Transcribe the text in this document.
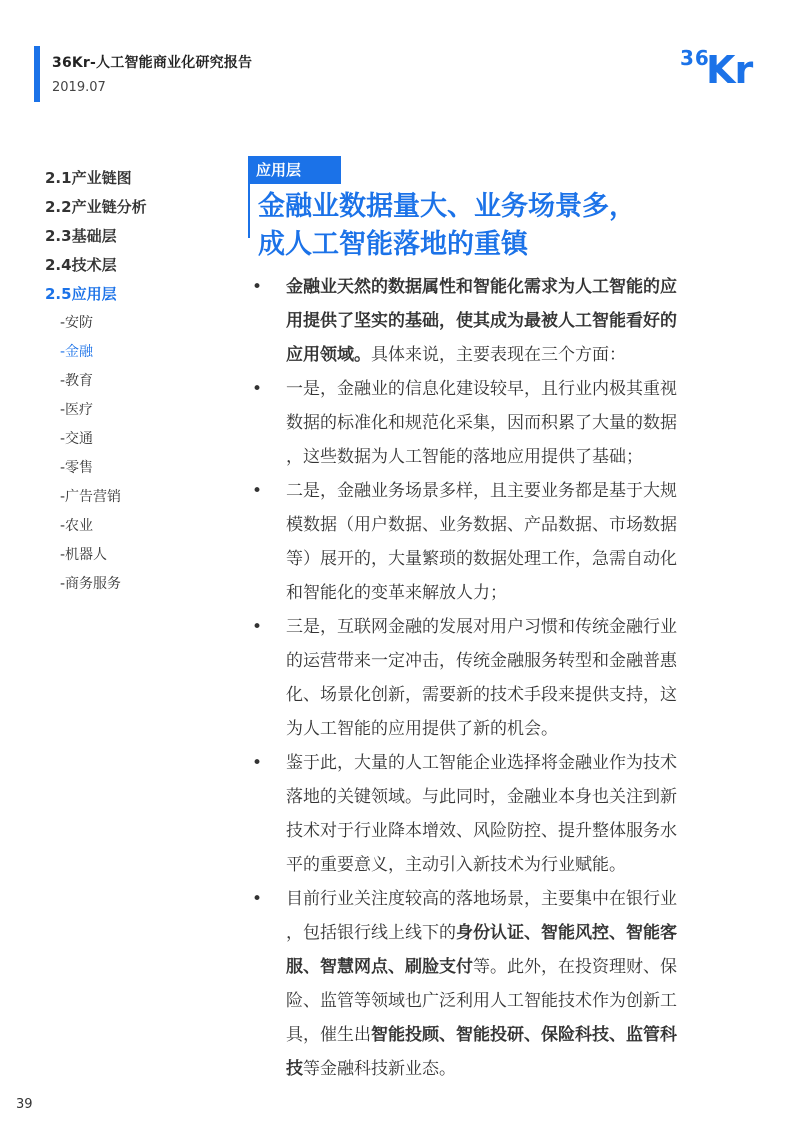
36Kr-人工智能商业化研究报告
2019.07
36
Kr
2.1产业链图
2.2产业链分析
2.3基础层
2.4技术层
2.5应用层
-安防
-金融
-教育
-医疗
-交通
-零售
-广告营销
-农业
-机器人
-商务服务
应用层
金融业数据量大、业务场景多，
成人工智能落地的重镇
• 金融业天然的数据属性和智能化需求为人工智能的应
用提供了坚实的基础，使其成为最被人工智能看好的
应用领域。具体来说，主要表现在三个方面：
• 一是，金融业的信息化建设较早，且行业内极其重视
数据的标准化和规范化采集，因而积累了大量的数据
，这些数据为人工智能的落地应用提供了基础；
• 二是，金融业务场景多样，且主要业务都是基于大规
模数据（用户数据、业务数据、产品数据、市场数据
等）展开的，大量繁琐的数据处理工作，急需自动化
和智能化的变革来解放人力；
• 三是，互联网金融的发展对用户习惯和传统金融行业
的运营带来一定冲击，传统金融服务转型和金融普惠
化、场景化创新，需要新的技术手段来提供支持，这
为人工智能的应用提供了新的机会。
• 鉴于此，大量的人工智能企业选择将金融业作为技术
落地的关键领域。与此同时，金融业本身也关注到新
技术对于行业降本增效、风险防控、提升整体服务水
平的重要意义，主动引入新技术为行业赋能。
• 目前行业关注度较高的落地场景，主要集中在银行业
，包括银行线上线下的身份认证、智能风控、智能客
服、智慧网点、刷脸支付等。此外，在投资理财、保
险、监管等领域也广泛利用人工智能技术作为创新工
具，催生出智能投顾、智能投研、保险科技、监管科
技等金融科技新业态。
39
